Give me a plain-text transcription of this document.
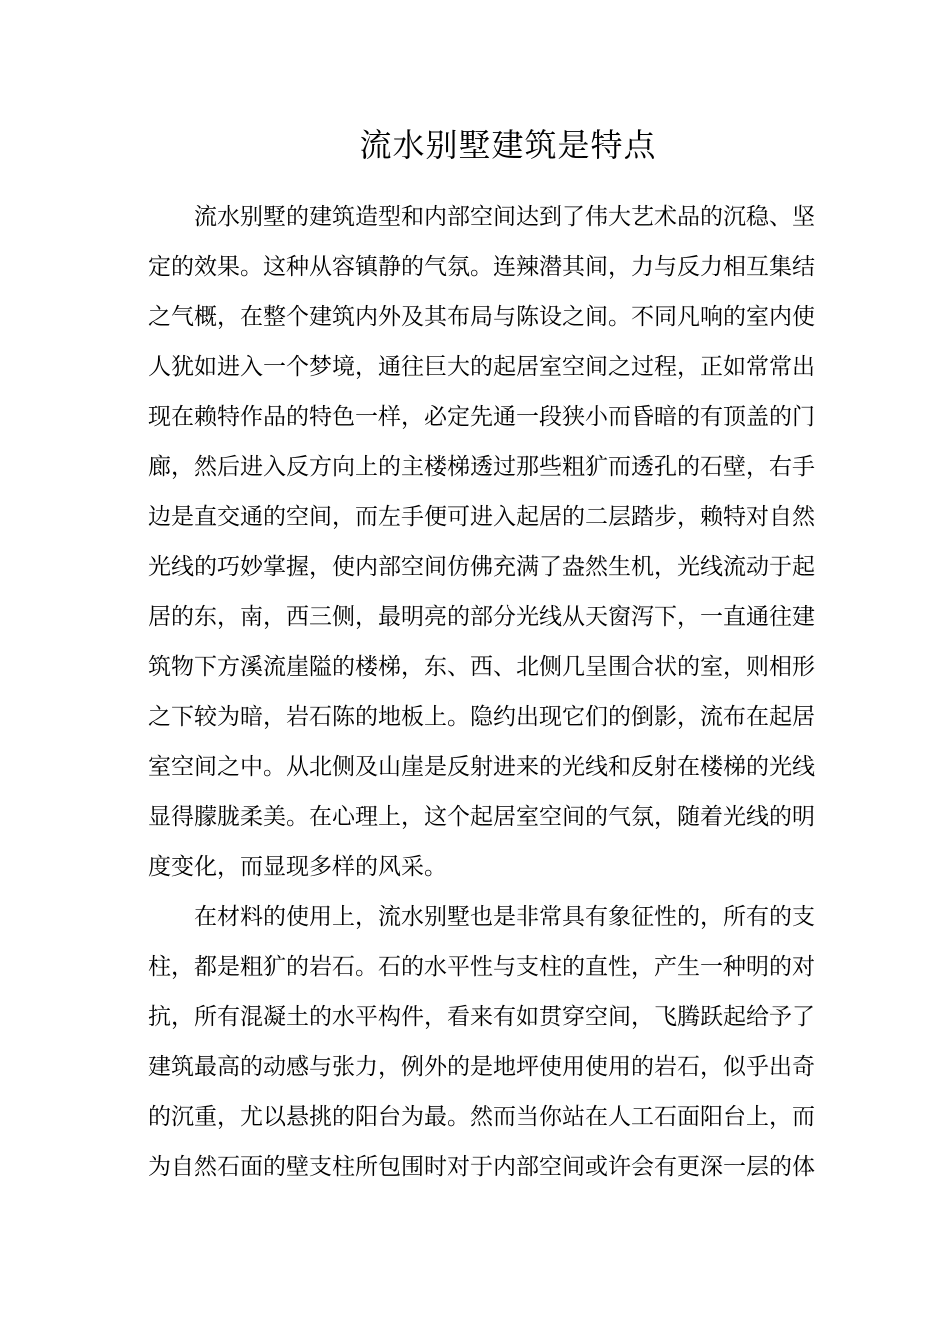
流水别墅建筑是特点
流水别墅的建筑造型和内部空间达到了伟大艺术品的沉稳、坚
定的效果。这种从容镇静的气氛。连辣潜其间，力与反力相互集结
之气概，在整个建筑内外及其布局与陈设之间。不同凡响的室内使
人犹如进入一个梦境，通往巨大的起居室空间之过程，正如常常出
现在赖特作品的特色一样，必定先通一段狭小而昏暗的有顶盖的门
廊，然后进入反方向上的主楼梯透过那些粗犷而透孔的石壁，右手
边是直交通的空间，而左手便可进入起居的二层踏步，赖特对自然
光线的巧妙掌握，使内部空间仿佛充满了盎然生机，光线流动于起
居的东，南，西三侧，最明亮的部分光线从天窗泻下，一直通往建
筑物下方溪流崖隘的楼梯，东、西、北侧几呈围合状的室，则相形
之下较为暗，岩石陈的地板上。隐约出现它们的倒影，流布在起居
室空间之中。从北侧及山崖是反射进来的光线和反射在楼梯的光线
显得朦胧柔美。在心理上，这个起居室空间的气氛，随着光线的明
度变化，而显现多样的风采。
在材料的使用上，流水别墅也是非常具有象征性的，所有的支
柱，都是粗犷的岩石。石的水平性与支柱的直性，产生一种明的对
抗，所有混凝土的水平构件，看来有如贯穿空间，飞腾跃起给予了
建筑最高的动感与张力，例外的是地坪使用使用的岩石，似乎出奇
的沉重，尤以悬挑的阳台为最。然而当你站在人工石面阳台上，而
为自然石面的壁支柱所包围时对于内部空间或许会有更深一层的体
